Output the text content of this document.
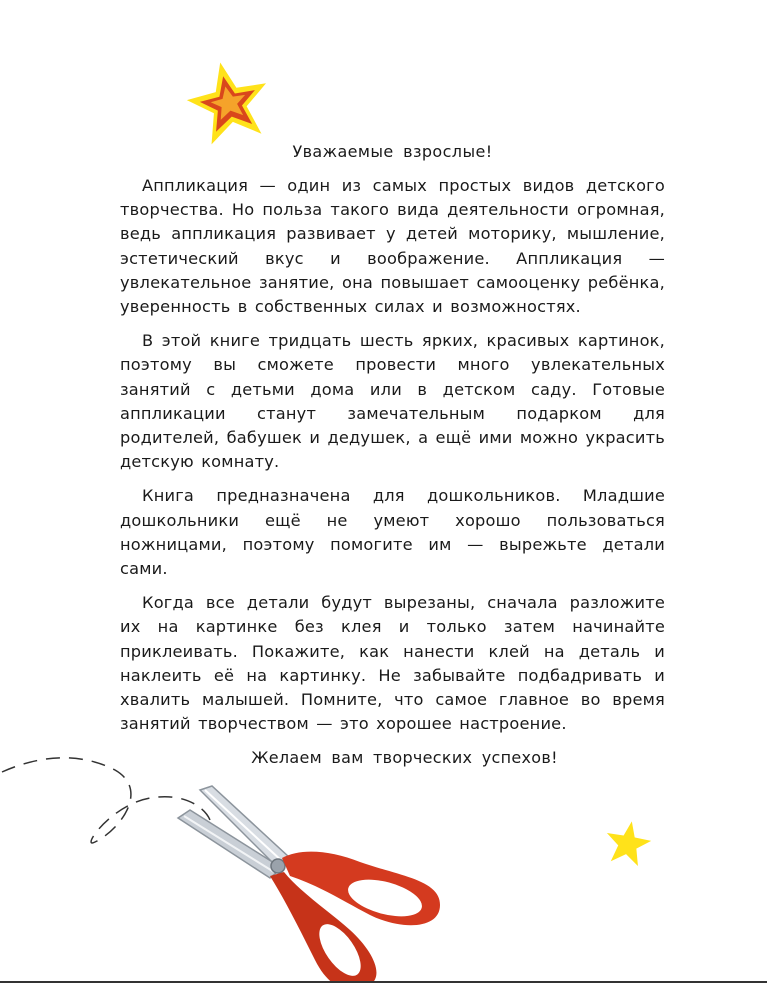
Уважаемые взрослые!

Аппликация — один из самых простых видов детского творчества. Но польза такого вида деятельности огромная, ведь аппликация развивает у детей моторику, мышление, эстетический вкус и воображение. Аппликация — увлекательное занятие, она повышает самооценку ребёнка, уверенность в собственных силах и возможностях.

В этой книге тридцать шесть ярких, красивых картинок, поэтому вы сможете провести много увлекательных занятий с детьми дома или в детском саду. Готовые аппликации станут замечательным подарком для родителей, бабушек и дедушек, а ещё ими можно украсить детскую комнату.

Книга предназначена для дошкольников. Младшие дошкольники ещё не умеют хорошо пользоваться ножницами, поэтому помогите им — вырежьте детали сами.

Когда все детали будут вырезаны, сначала разложите их на картинке без клея и только затем начинайте приклеивать. Покажите, как нанести клей на деталь и наклеить её на картинку. Не забывайте подбадривать и хвалить малышей. Помните, что самое главное во время занятий творчеством — это хорошее настроение.

Желаем вам творческих успехов!
